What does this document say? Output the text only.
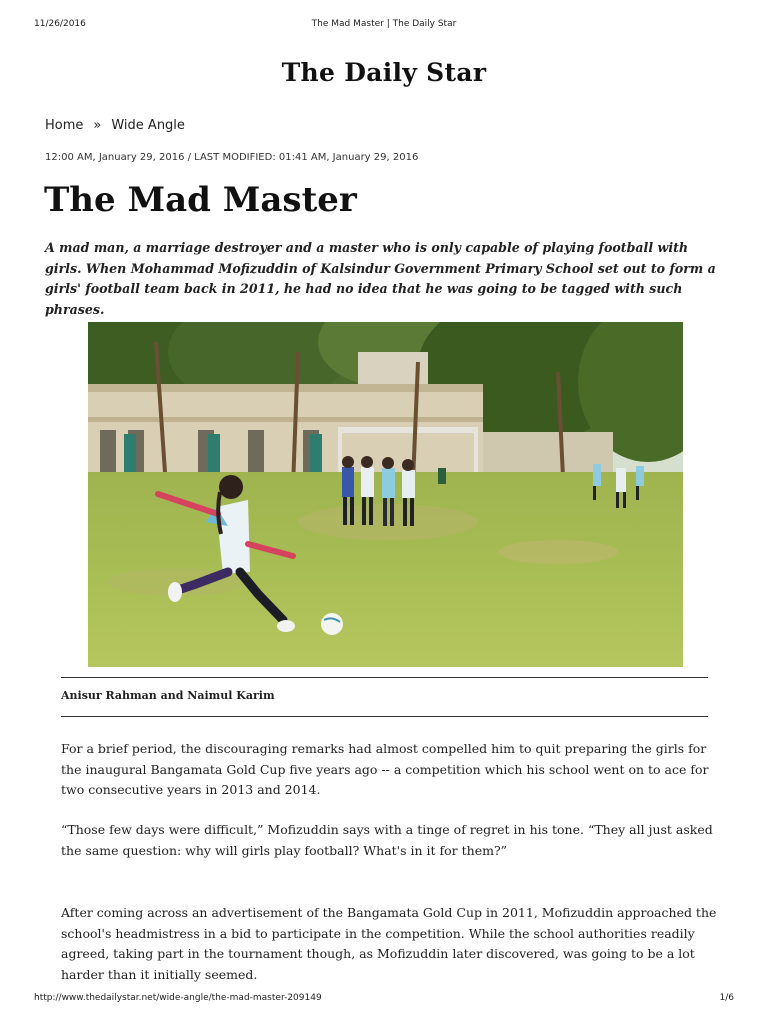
11/26/2016	The Mad Master | The Daily Star
The Daily Star
Home » Wide Angle
12:00 AM, January 29, 2016 / LAST MODIFIED: 01:41 AM, January 29, 2016
The Mad Master

A mad man, a marriage destroyer and a master who is only capable of playing football with girls. When Mohammad Mofizuddin of Kalsindur Government Primary School set out to form a girls' football team back in 2011, he had no idea that he was going to be tagged with such phrases.

Anisur Rahman and Naimul Karim

For a brief period, the discouraging remarks had almost compelled him to quit preparing the girls for the inaugural Bangamata Gold Cup five years ago -- a competition which his school went on to ace for two consecutive years in 2013 and 2014.

“Those few days were difficult,” Mofizuddin says with a tinge of regret in his tone. “They all just asked the same question: why will girls play football? What's in it for them?”

After coming across an advertisement of the Bangamata Gold Cup in 2011, Mofizuddin approached the school's headmistress in a bid to participate in the competition. While the school authorities readily agreed, taking part in the tournament though, as Mofizuddin later discovered, was going to be a lot harder than it initially seemed.

http://www.thedailystar.net/wide-angle/the-mad-master-209149	1/6
